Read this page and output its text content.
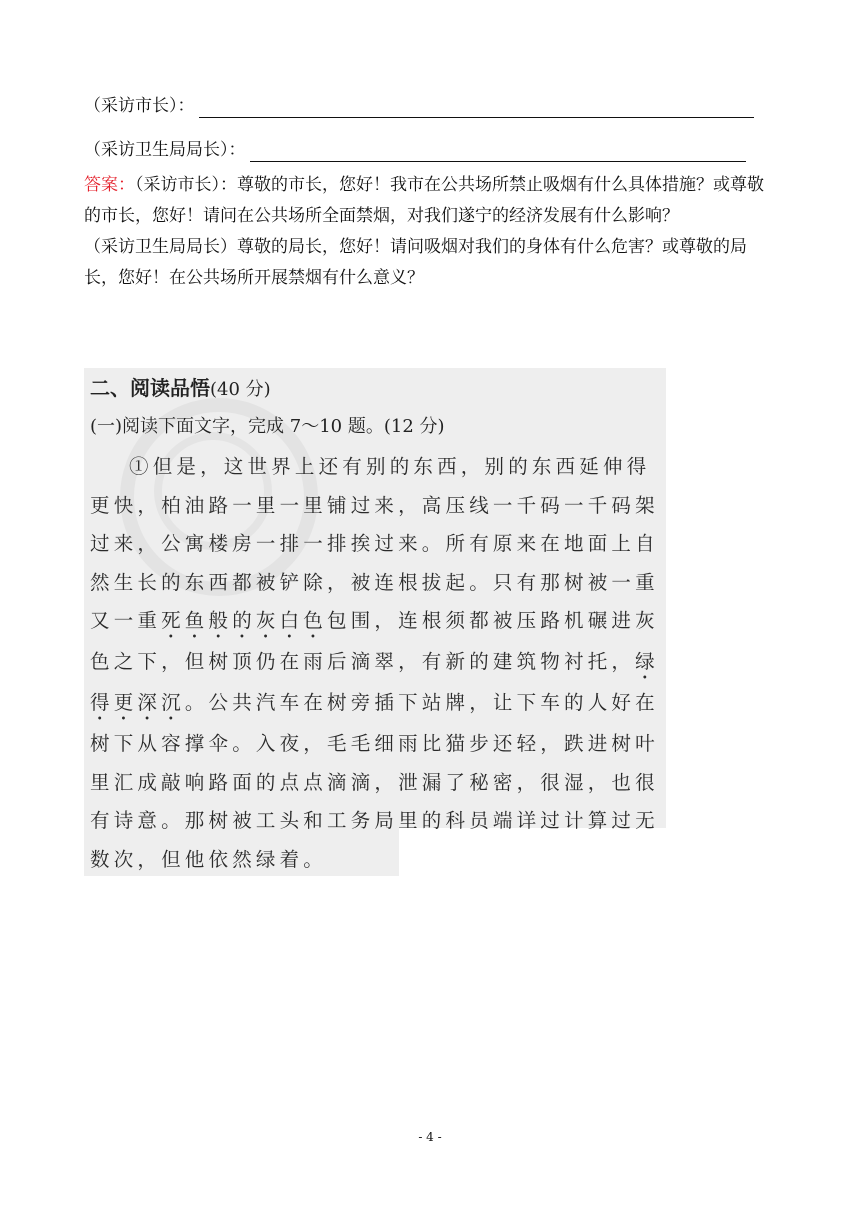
（采访市长）：
（采访卫生局局长）：

答案：（采访市长）：尊敬的市长，您好！我市在公共场所禁止吸烟有什么具体措施？或尊敬的市长，您好！请问在公共场所全面禁烟，对我们遂宁的经济发展有什么影响？

（采访卫生局局长）尊敬的局长，您好！请问吸烟对我们的身体有什么危害？或尊敬的局长，您好！在公共场所开展禁烟有什么意义？

二、阅读品悟(40 分)
(一)阅读下面文字，完成 7～10 题。(12 分)

①但是，这世界上还有别的东西，别的东西延伸得更快，柏油路一里一里铺过来，高压线一千码一千码架过来，公寓楼房一排一排挨过来。所有原来在地面上自然生长的东西都被铲除，被连根拔起。只有那树被一重又一重死鱼般的灰白色包围，连根须都被压路机碾进灰色之下，但树顶仍在雨后滴翠，有新的建筑物衬托，绿得更深沉。公共汽车在树旁插下站牌，让下车的人好在树下从容撑伞。入夜，毛毛细雨比猫步还轻，跌进树叶里汇成敲响路面的点点滴滴，泄漏了秘密，很湿，也很有诗意。那树被工头和工务局里的科员端详过计算过无数次，但他依然绿着。

- 4 -
